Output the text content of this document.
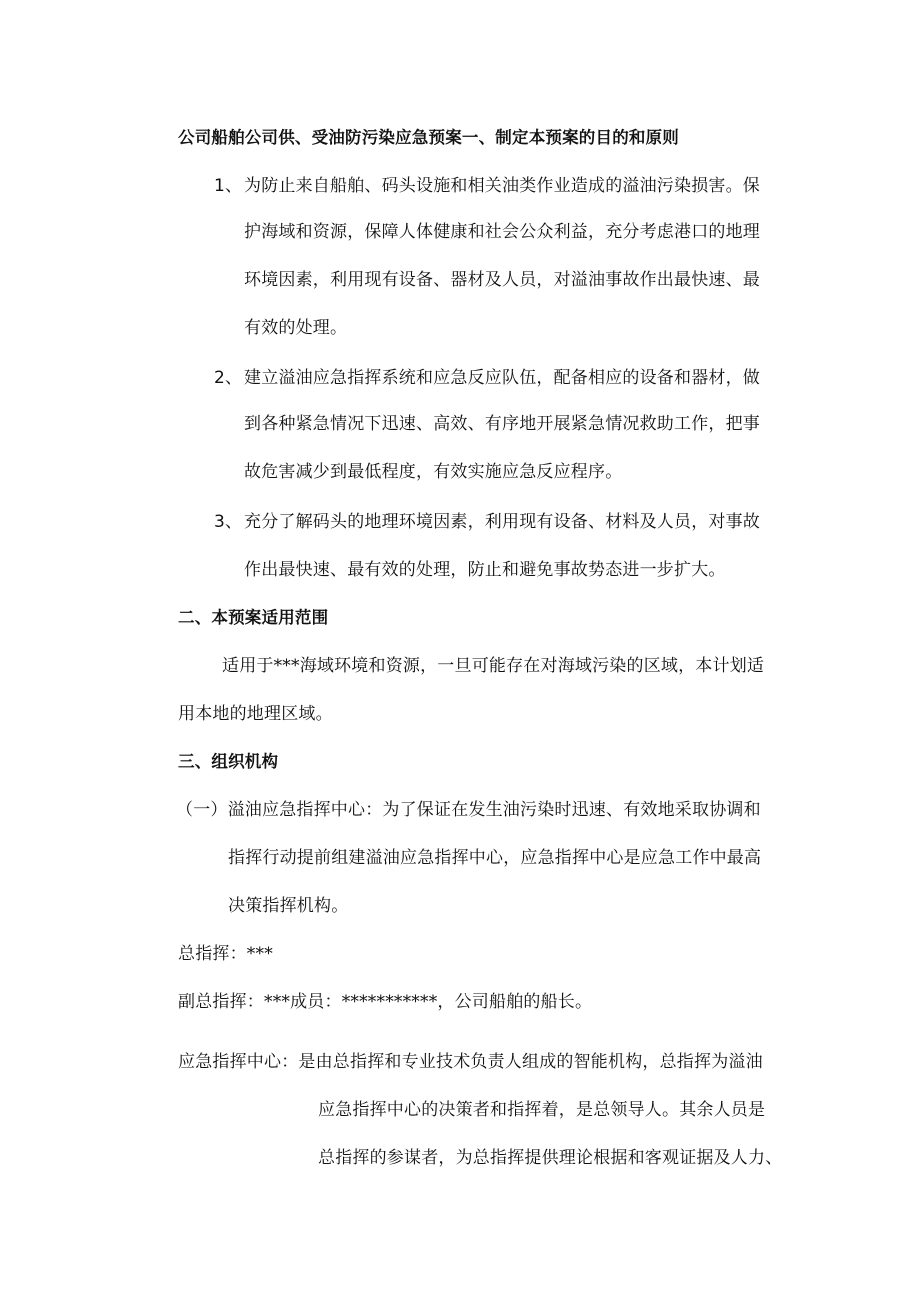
公司船舶公司供、受油防污染应急预案一、制定本预案的目的和原则
1、 为防止来自船舶、码头设施和相关油类作业造成的溢油污染损害。保
护海域和资源，保障人体健康和社会公众利益，充分考虑港口的地理
环境因素，利用现有设备、器材及人员，对溢油事故作出最快速、最
有效的处理。
2、 建立溢油应急指挥系统和应急反应队伍，配备相应的设备和器材，做
到各种紧急情况下迅速、高效、有序地开展紧急情况救助工作，把事
故危害减少到最低程度，有效实施应急反应程序。
3、 充分了解码头的地理环境因素，利用现有设备、材料及人员，对事故
作出最快速、最有效的处理，防止和避免事故势态进一步扩大。
二、本预案适用范围
适用于***海域环境和资源，一旦可能存在对海域污染的区域，本计划适
用本地的地理区域。
三、组织机构
（一）溢油应急指挥中心：为了保证在发生油污染时迅速、有效地采取协调和
指挥行动提前组建溢油应急指挥中心，应急指挥中心是应急工作中最高
决策指挥机构。
总指挥：***
副总指挥：***成员：***********，公司船舶的船长。
应急指挥中心：是由总指挥和专业技术负责人组成的智能机构，总指挥为溢油
应急指挥中心的决策者和指挥着，是总领导人。其余人员是
总指挥的参谋者，为总指挥提供理论根据和客观证据及人力、
